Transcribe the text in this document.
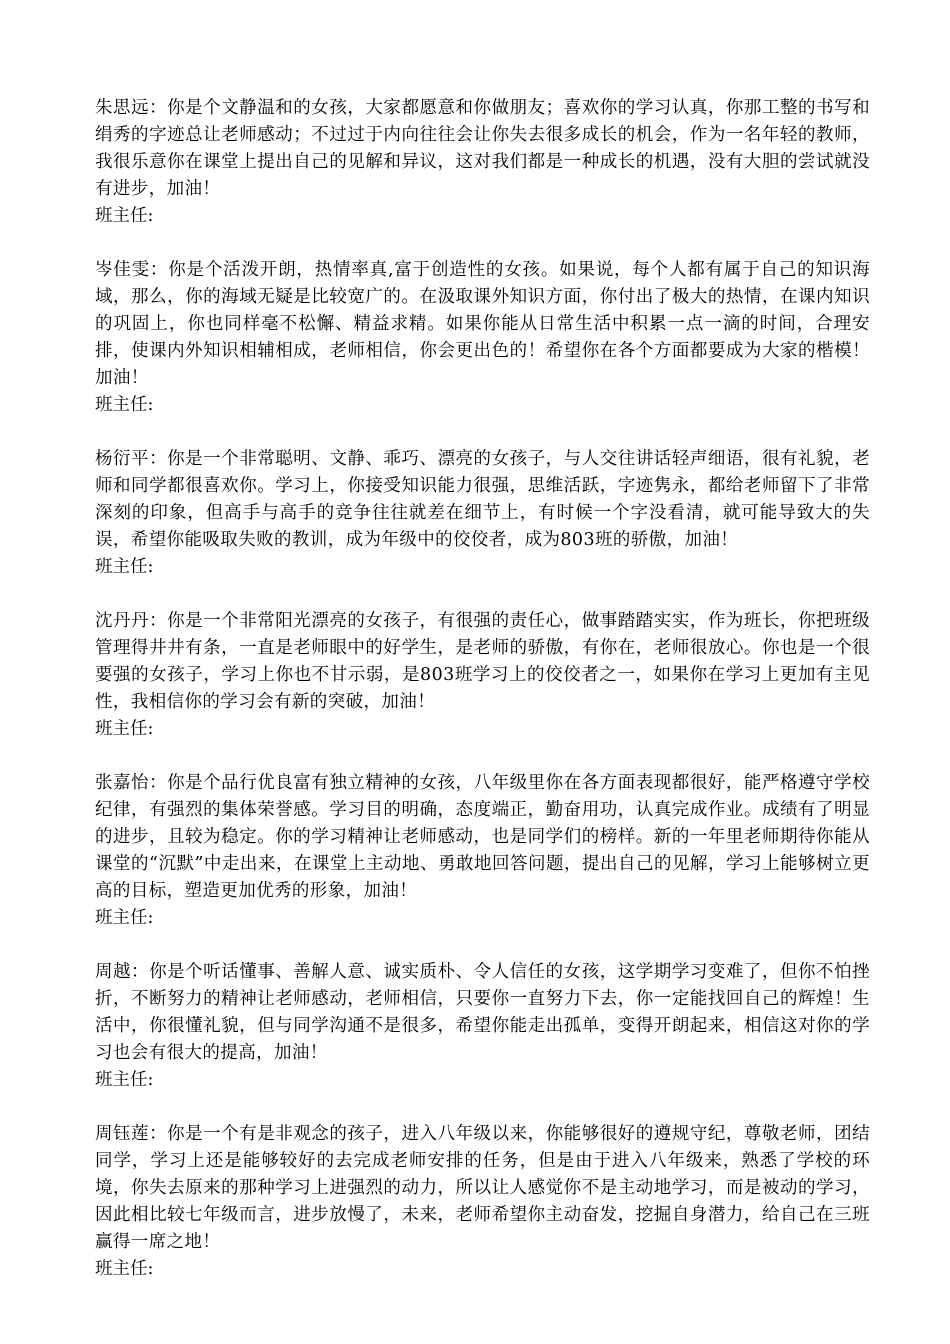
朱思远：你是个文静温和的女孩，大家都愿意和你做朋友；喜欢你的学习认真，你那工整的书写和绢秀的字迹总让老师感动；不过过于内向往往会让你失去很多成长的机会，作为一名年轻的教师，我很乐意你在课堂上提出自己的见解和异议，这对我们都是一种成长的机遇，没有大胆的尝试就没有进步，加油！

班主任:

岑佳雯：你是个活泼开朗，热情率真,富于创造性的女孩。如果说，每个人都有属于自己的知识海域，那么，你的海域无疑是比较宽广的。在汲取课外知识方面，你付出了极大的热情，在课内知识的巩固上，你也同样毫不松懈、精益求精。如果你能从日常生活中积累一点一滴的时间，合理安排，使课内外知识相辅相成，老师相信，你会更出色的！希望你在各个方面都要成为大家的楷模！加油！

班主任:

杨衍平：你是一个非常聪明、文静、乖巧、漂亮的女孩子，与人交往讲话轻声细语，很有礼貌，老师和同学都很喜欢你。学习上，你接受知识能力很强，思维活跃，字迹隽永，都给老师留下了非常深刻的印象，但高手与高手的竞争往往就差在细节上，有时候一个字没看清，就可能导致大的失误，希望你能吸取失败的教训，成为年级中的佼佼者，成为803班的骄傲，加油！

班主任:

沈丹丹：你是一个非常阳光漂亮的女孩子，有很强的责任心，做事踏踏实实，作为班长，你把班级管理得井井有条，一直是老师眼中的好学生，是老师的骄傲，有你在，老师很放心。你也是一个很要强的女孩子，学习上你也不甘示弱，是803班学习上的佼佼者之一，如果你在学习上更加有主见性，我相信你的学习会有新的突破，加油！

班主任:

张嘉怡：你是个品行优良富有独立精神的女孩，八年级里你在各方面表现都很好，能严格遵守学校纪律，有强烈的集体荣誉感。学习目的明确，态度端正，勤奋用功，认真完成作业。成绩有了明显的进步，且较为稳定。你的学习精神让老师感动，也是同学们的榜样。新的一年里老师期待你能从课堂的“沉默”中走出来，在课堂上主动地、勇敢地回答问题，提出自己的见解，学习上能够树立更高的目标，塑造更加优秀的形象，加油！

班主任:

周越：你是个听话懂事、善解人意、诚实质朴、令人信任的女孩，这学期学习变难了，但你不怕挫折，不断努力的精神让老师感动，老师相信，只要你一直努力下去，你一定能找回自己的辉煌！生活中，你很懂礼貌，但与同学沟通不是很多，希望你能走出孤单，变得开朗起来，相信这对你的学习也会有很大的提高，加油！

班主任:

周钰莲：你是一个有是非观念的孩子，进入八年级以来，你能够很好的遵规守纪，尊敬老师，团结同学，学习上还是能够较好的去完成老师安排的任务，但是由于进入八年级来，熟悉了学校的环境，你失去原来的那种学习上进强烈的动力，所以让人感觉你不是主动地学习，而是被动的学习，因此相比较七年级而言，进步放慢了，未来，老师希望你主动奋发，挖掘自身潜力，给自己在三班赢得一席之地！

班主任:
